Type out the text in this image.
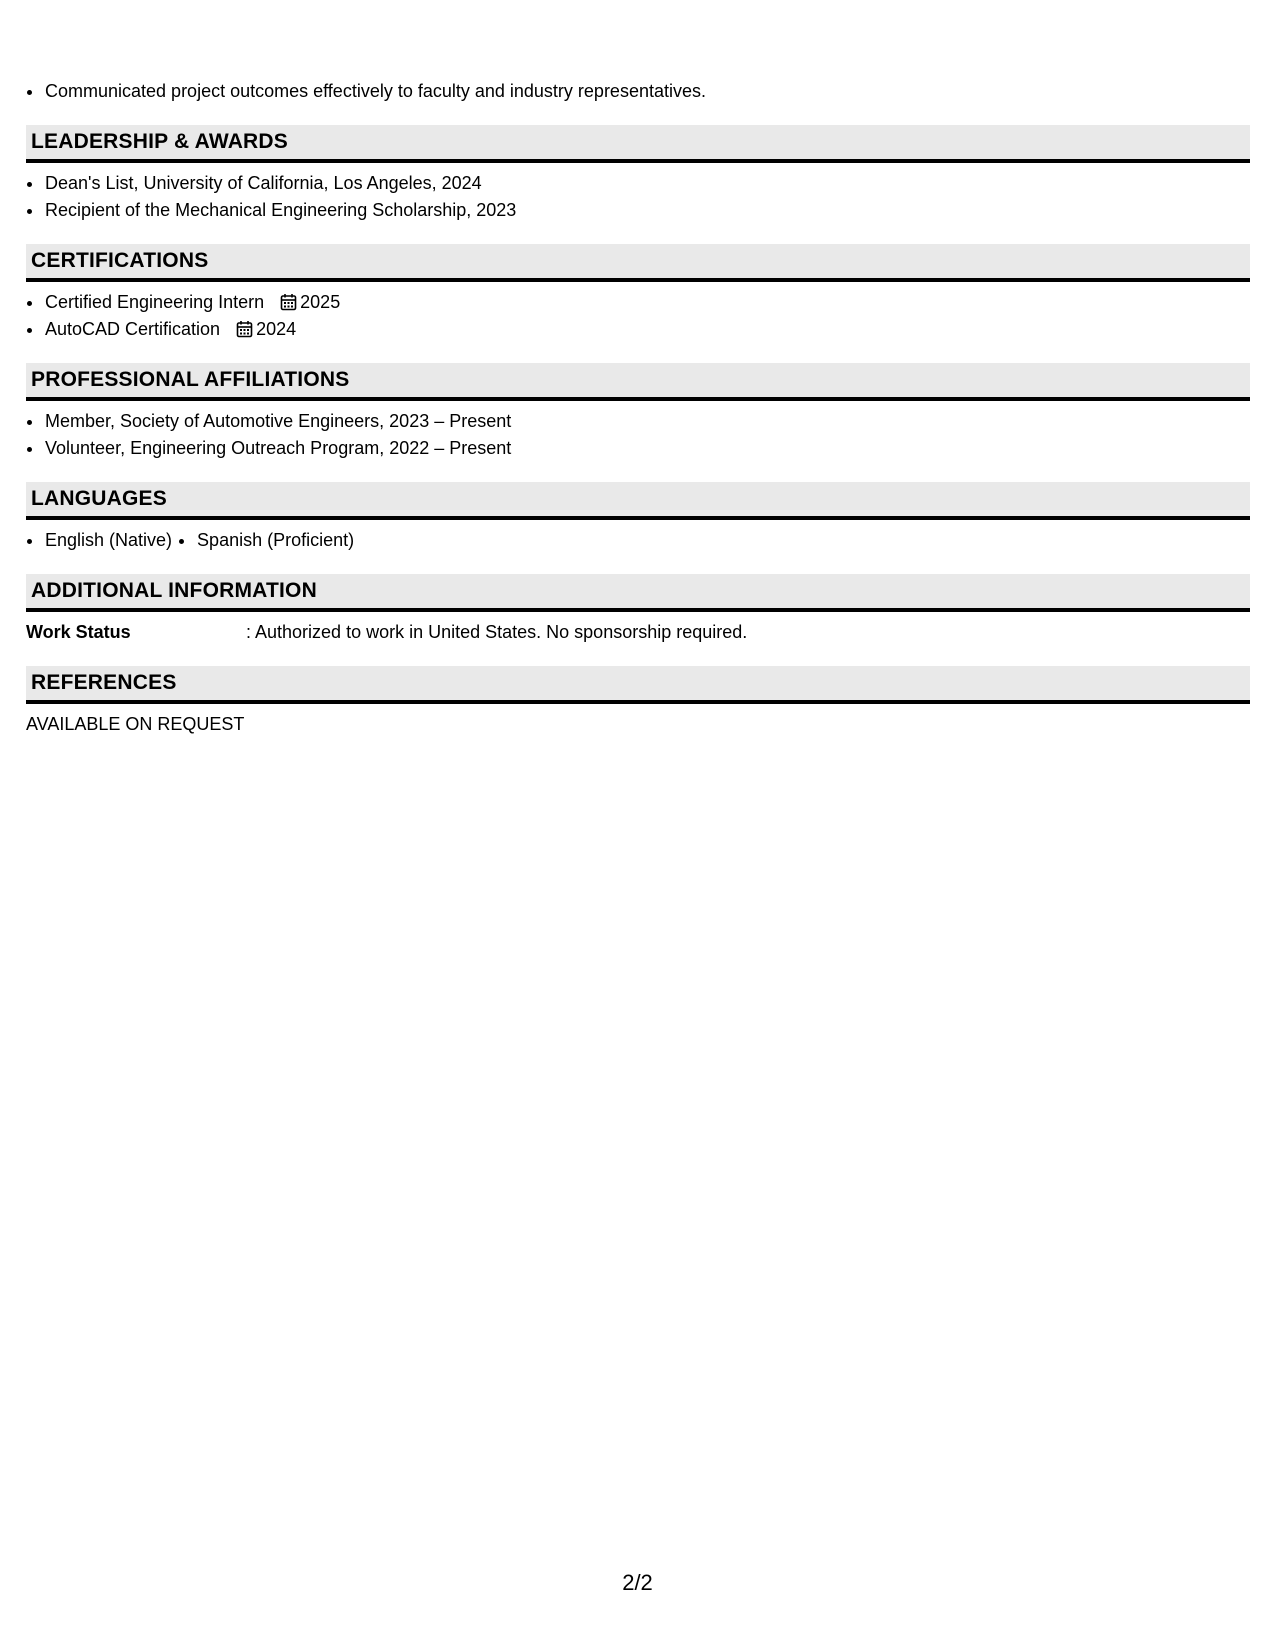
• Communicated project outcomes effectively to faculty and industry representatives.
LEADERSHIP & AWARDS
• Dean's List, University of California, Los Angeles, 2024
• Recipient of the Mechanical Engineering Scholarship, 2023
CERTIFICATIONS
• Certified Engineering Intern 2025
• AutoCAD Certification 2024
PROFESSIONAL AFFILIATIONS
• Member, Society of Automotive Engineers, 2023 – Present
• Volunteer, Engineering Outreach Program, 2022 – Present
LANGUAGES
• English (Native)
• Spanish (Proficient)
ADDITIONAL INFORMATION
Work Status	: Authorized to work in United States. No sponsorship required.
REFERENCES
AVAILABLE ON REQUEST
2/2
